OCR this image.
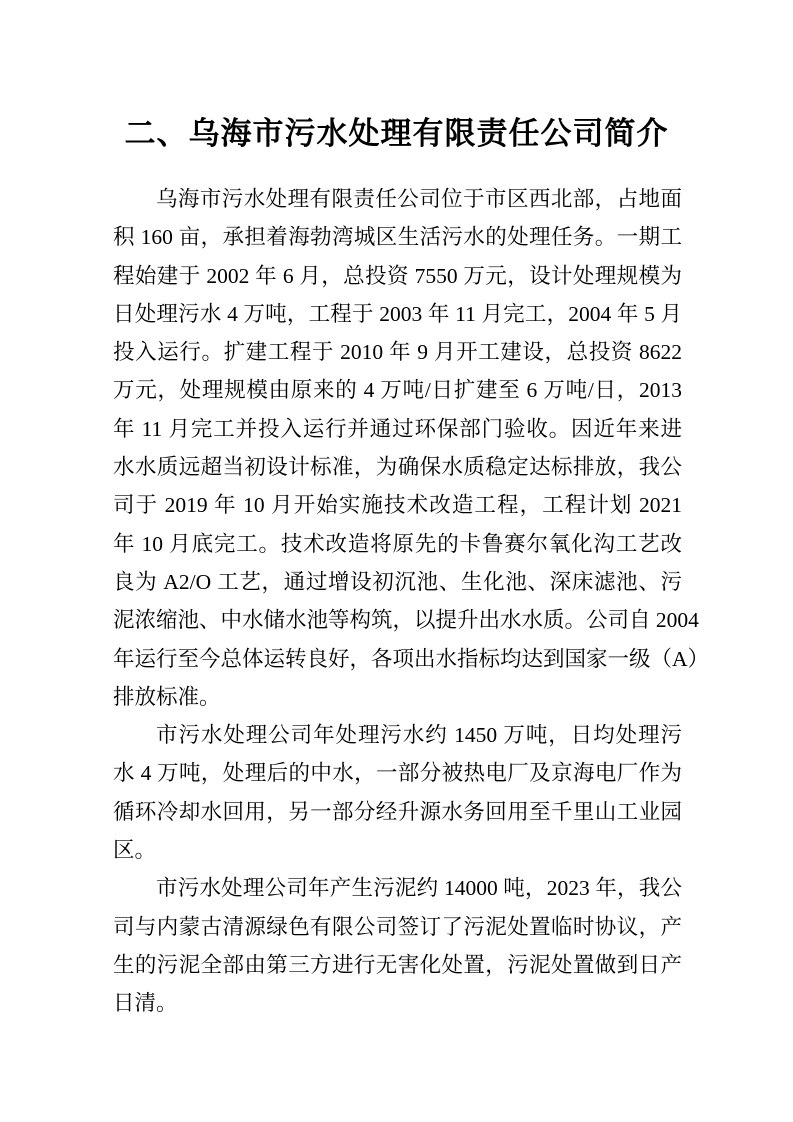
二、乌海市污水处理有限责任公司简介
乌海市污水处理有限责任公司位于市区西北部，占地面
积 160 亩，承担着海勃湾城区生活污水的处理任务。一期工
程始建于 2002 年 6 月，总投资 7550 万元，设计处理规模为
日处理污水 4 万吨，工程于 2003 年 11 月完工，2004 年 5 月
投入运行。扩建工程于 2010 年 9 月开工建设，总投资 8622
万元，处理规模由原来的 4 万吨/日扩建至 6 万吨/日，2013
年 11 月完工并投入运行并通过环保部门验收。因近年来进
水水质远超当初设计标准，为确保水质稳定达标排放，我公
司于 2019 年 10 月开始实施技术改造工程，工程计划 2021
年 10 月底完工。技术改造将原先的卡鲁赛尔氧化沟工艺改
良为 A2/O 工艺，通过增设初沉池、生化池、深床滤池、污
泥浓缩池、中水储水池等构筑，以提升出水水质。公司自 2004
年运行至今总体运转良好，各项出水指标均达到国家一级（A）
排放标准。
市污水处理公司年处理污水约 1450 万吨，日均处理污
水 4 万吨，处理后的中水，一部分被热电厂及京海电厂作为
循环冷却水回用，另一部分经升源水务回用至千里山工业园
区。
市污水处理公司年产生污泥约 14000 吨，2023 年，我公
司与内蒙古清源绿色有限公司签订了污泥处置临时协议，产
生的污泥全部由第三方进行无害化处置，污泥处置做到日产
日清。
